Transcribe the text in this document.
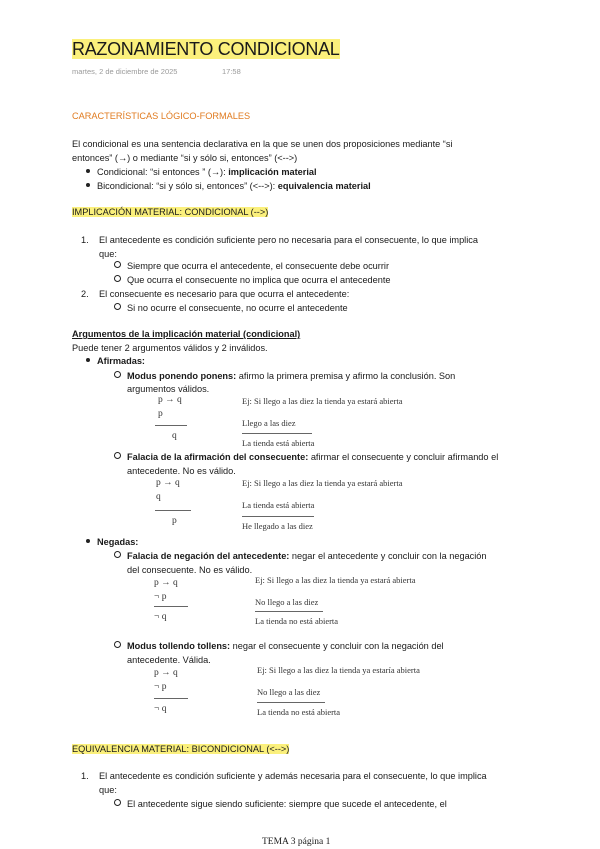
RAZONAMIENTO CONDICIONAL
martes, 2 de diciembre de 2025	17:58
CARACTERÍSTICAS LÓGICO-FORMALES
El condicional es una sentencia declarativa en la que se unen dos proposiciones mediante “si
entonces” (→) o mediante “si y sólo si, entonces” (<-->)
Condicional: “si entonces ” (→): implicación material
Bicondicional: “si y sólo si, entonces” (<-->): equivalencia material
IMPLICACIÓN MATERIAL: CONDICIONAL (-->)
1. El antecedente es condición suficiente pero no necesaria para el consecuente, lo que implica
que:
Siempre que ocurra el antecedente, el consecuente debe ocurrir
Que ocurra el consecuente no implica que ocurra el antecedente
2. El consecuente es necesario para que ocurra el antecedente:
Si no ocurre el consecuente, no ocurre el antecedente
Argumentos de la implicación material (condicional)
Puede tener 2 argumentos válidos y 2 inválidos.
Afirmadas:
Modus ponendo ponens: afirmo la primera premisa y afirmo la conclusión. Son
argumentos válidos.
p → q
p
q
Ej: Si llego a las diez la tienda ya estará abierta
Llego a las diez
La tienda está abierta
Falacia de la afirmación del consecuente: afirmar el consecuente y concluir afirmando el
antecedente. No es válido.
p → q
q
p
Ej: Si llego a las diez la tienda ya estará abierta
La tienda está abierta
He llegado a las diez
Negadas:
Falacia de negación del antecedente: negar el antecedente y concluir con la negación
del consecuente. No es válido.
p → q
¬ p
¬ q
Ej: Si llego a las diez la tienda ya estará abierta
No llego a las diez
La tienda no está abierta
Modus tollendo tollens: negar el consecuente y concluir con la negación del
antecedente. Válida.
p → q
¬ p
¬ q
Ej: Si llego a las diez la tienda ya estaría abierta
No llego a las diez
La tienda no está abierta
EQUIVALENCIA MATERIAL: BICONDICIONAL (<-->)
1. El antecedente es condición suficiente y además necesaria para el consecuente, lo que implica
que:
El antecedente sigue siendo suficiente: siempre que sucede el antecedente, el
TEMA 3 página 1
